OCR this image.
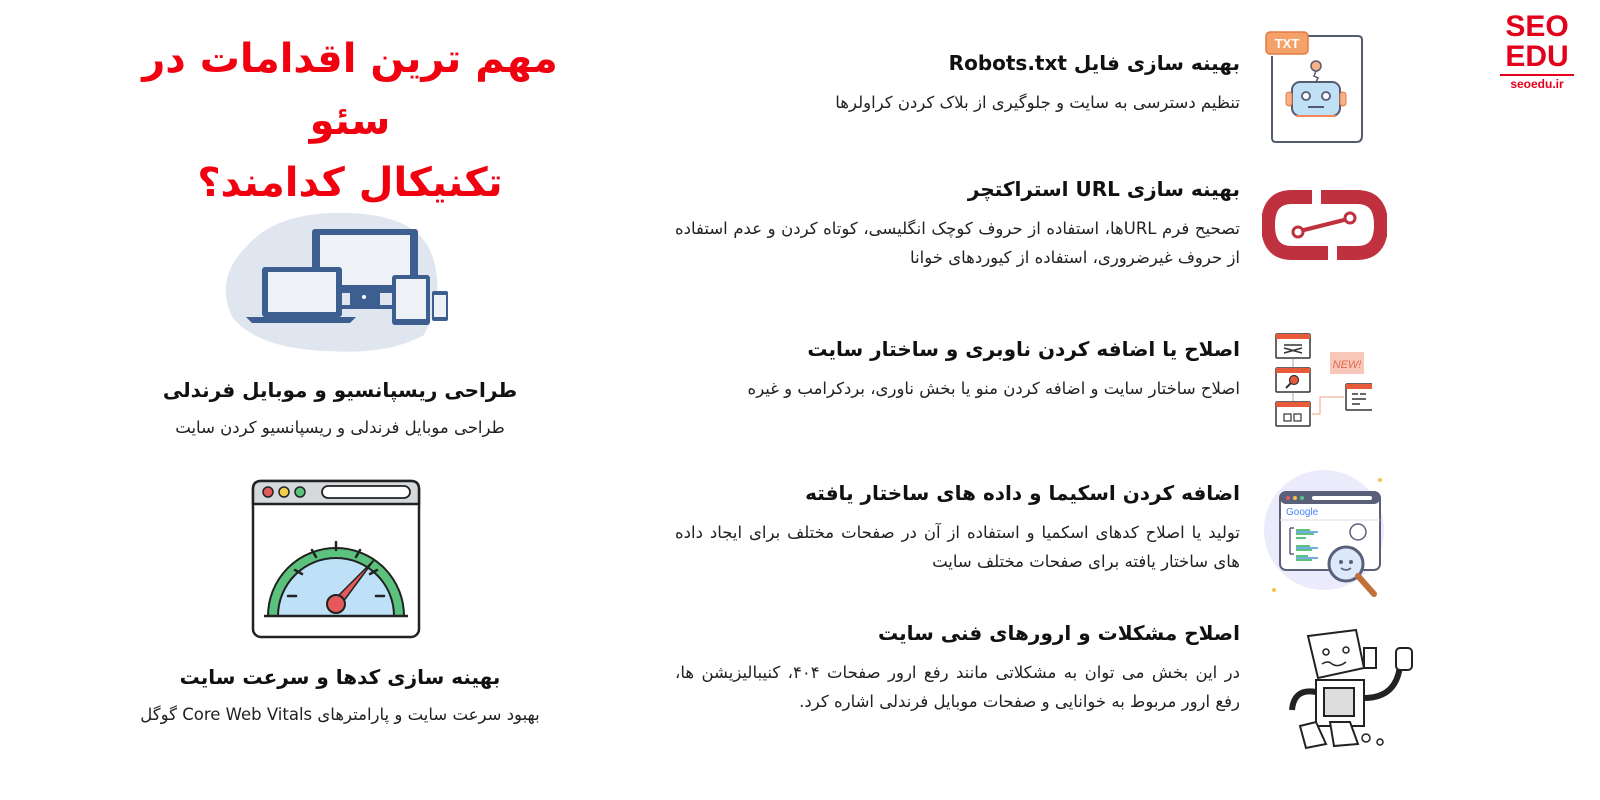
SEO
EDU
seoedu.ir
مهم ترین اقدامات در سئو
تکنیکال کدامند؟
TXT
بهینه سازی فایل Robots.txt

تنظیم دسترسی به سایت و جلوگیری از بلاک کردن کراولرها

بهینه سازی URL استراکتچر

تصحیح فرم URLها، استفاده از حروف کوچک انگلیسی، کوتاه کردن و عدم استفاده از حروف غیرضروری، استفاده از کیوردهای خوانا

NEW!
اصلاح یا اضافه کردن ناوبری و ساختار سایت

اصلاح ساختار سایت و اضافه کردن منو یا بخش ناوری، بردکرامب و غیره

Google
اضافه کردن اسکیما و داده های ساختار یافته

تولید یا اصلاح کدهای اسکمیا و استفاده از آن در صفحات مختلف برای ایجاد داده های ساختار یافته برای صفحات مختلف سایت

اصلاح مشکلات و ارورهای فنی سایت

در این بخش می توان به مشکلاتی مانند رفع ارور صفحات ۴۰۴، کنیبالیزیشن ها، رفع ارور مربوط به خوانایی و صفحات موبایل فرندلی اشاره کرد.

طراحی ریسپانسیو و موبایل فرندلی

طراحی موبایل فرندلی و ریسپانسیو کردن سایت

بهینه سازی کدها و سرعت سایت

بهبود سرعت سایت و پارامترهای Core Web Vitals گوگل
